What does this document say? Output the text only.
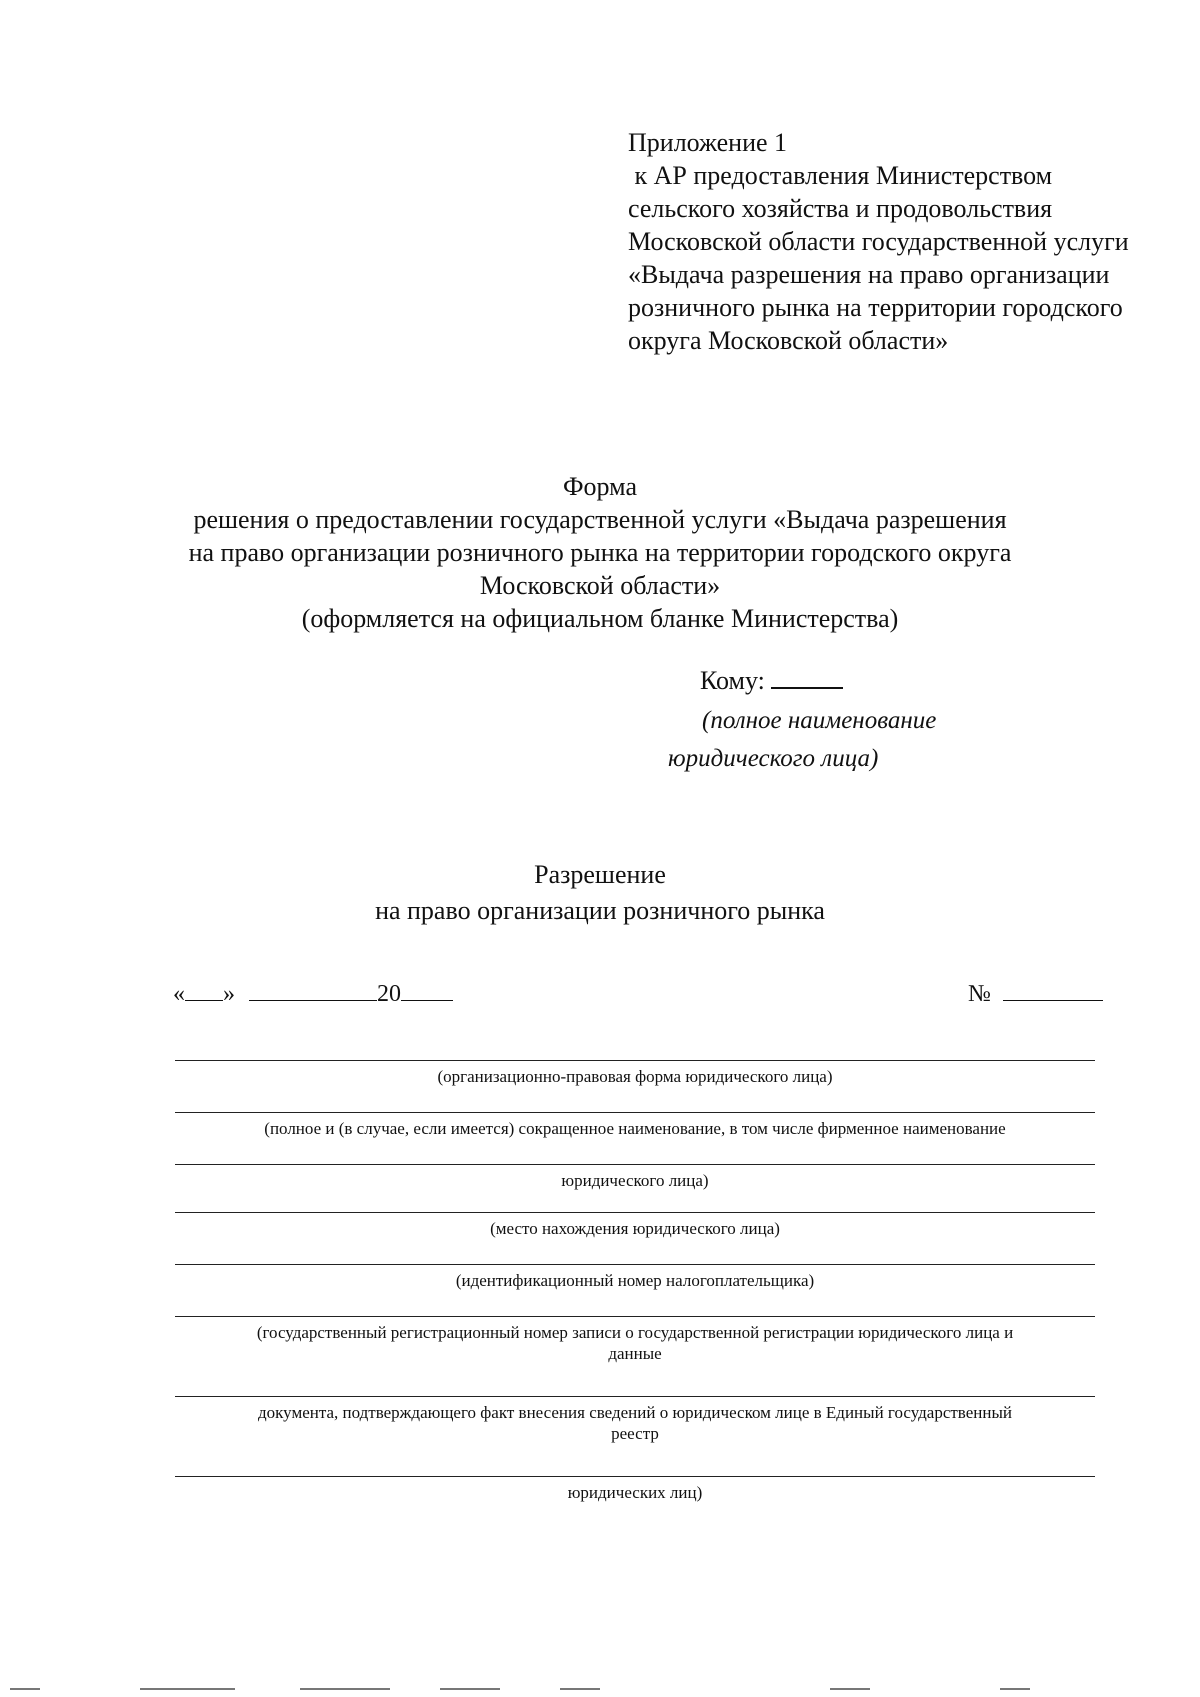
Приложение 1
к АР предоставления Министерством
сельского хозяйства и продовольствия
Московской области государственной услуги
«Выдача разрешения на право организации
розничного рынка на территории городского
округа Московской области»
Форма
решения о предоставлении государственной услуги «Выдача разрешения
на право организации розничного рынка на территории городского округа
Московской области»
(оформляется на официальном бланке Министерства)
Кому:
(полное наименование
юридического лица)
Разрешение
на право организации розничного рынка
« »	20	№
(организационно-правовая форма юридического лица)
(полное и (в случае, если имеется) сокращенное наименование, в том числе фирменное наименование
юридического лица)
(место нахождения юридического лица)
(идентификационный номер налогоплательщика)
(государственный регистрационный номер записи о государственной регистрации юридического лица и
данные
документа, подтверждающего факт внесения сведений о юридическом лице в Единый государственный
реестр
юридических лиц)
